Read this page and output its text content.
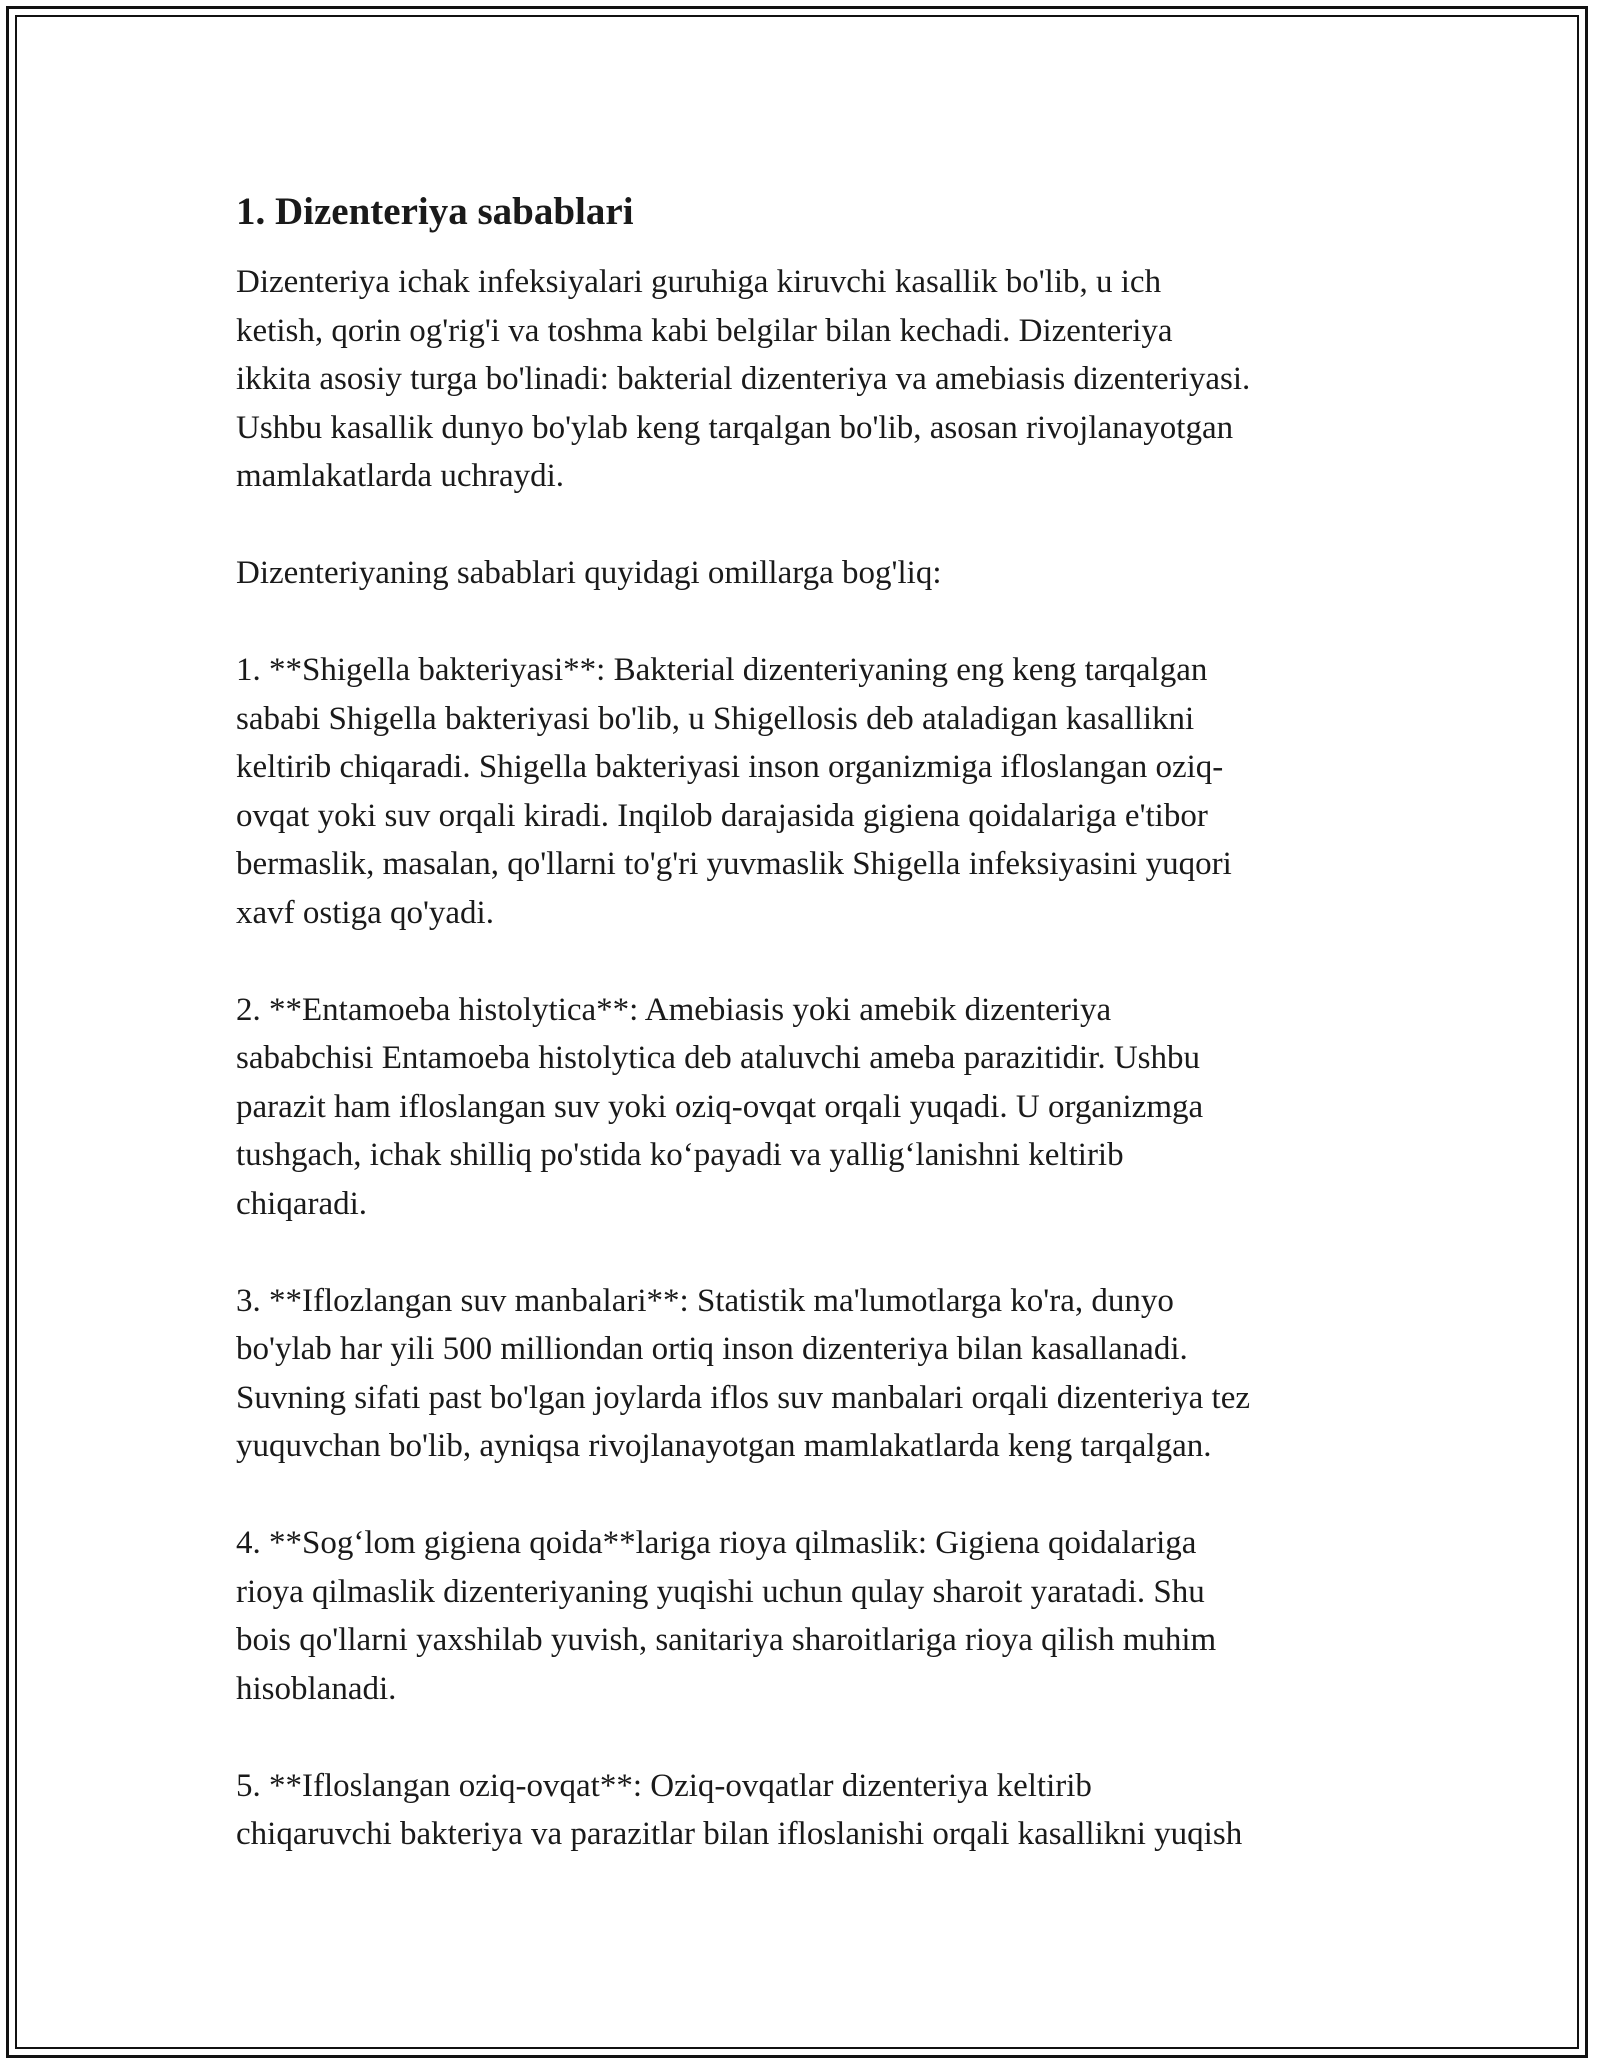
1. Dizenteriya sabablari

Dizenteriya ichak infeksiyalari guruhiga kiruvchi kasallik bo'lib, u ich
ketish, qorin og'rig'i va toshma kabi belgilar bilan kechadi. Dizenteriya
ikkita asosiy turga bo'linadi: bakterial dizenteriya va amebiasis dizenteriyasi.
Ushbu kasallik dunyo bo'ylab keng tarqalgan bo'lib, asosan rivojlanayotgan
mamlakatlarda uchraydi.

Dizenteriyaning sabablari quyidagi omillarga bog'liq:

1. **Shigella bakteriyasi**: Bakterial dizenteriyaning eng keng tarqalgan
sababi Shigella bakteriyasi bo'lib, u Shigellosis deb ataladigan kasallikni
keltirib chiqaradi. Shigella bakteriyasi inson organizmiga ifloslangan oziq-
ovqat yoki suv orqali kiradi. Inqilob darajasida gigiena qoidalariga e'tibor
bermaslik, masalan, qo'llarni to'g'ri yuvmaslik Shigella infeksiyasini yuqori
xavf ostiga qo'yadi.

2. **Entamoeba histolytica**: Amebiasis yoki amebik dizenteriya
sababchisi Entamoeba histolytica deb ataluvchi ameba parazitidir. Ushbu
parazit ham ifloslangan suv yoki oziq-ovqat orqali yuqadi. U organizmga
tushgach, ichak shilliq po'stida ko‘payadi va yallig‘lanishni keltirib
chiqaradi.

3. **Iflozlangan suv manbalari**: Statistik ma'lumotlarga ko'ra, dunyo
bo'ylab har yili 500 milliondan ortiq inson dizenteriya bilan kasallanadi.
Suvning sifati past bo'lgan joylarda iflos suv manbalari orqali dizenteriya tez
yuquvchan bo'lib, ayniqsa rivojlanayotgan mamlakatlarda keng tarqalgan.

4. **Sog‘lom gigiena qoida**lariga rioya qilmaslik: Gigiena qoidalariga
rioya qilmaslik dizenteriyaning yuqishi uchun qulay sharoit yaratadi. Shu
bois qo'llarni yaxshilab yuvish, sanitariya sharoitlariga rioya qilish muhim
hisoblanadi.

5. **Ifloslangan oziq-ovqat**: Oziq-ovqatlar dizenteriya keltirib
chiqaruvchi bakteriya va parazitlar bilan ifloslanishi orqali kasallikni yuqish
